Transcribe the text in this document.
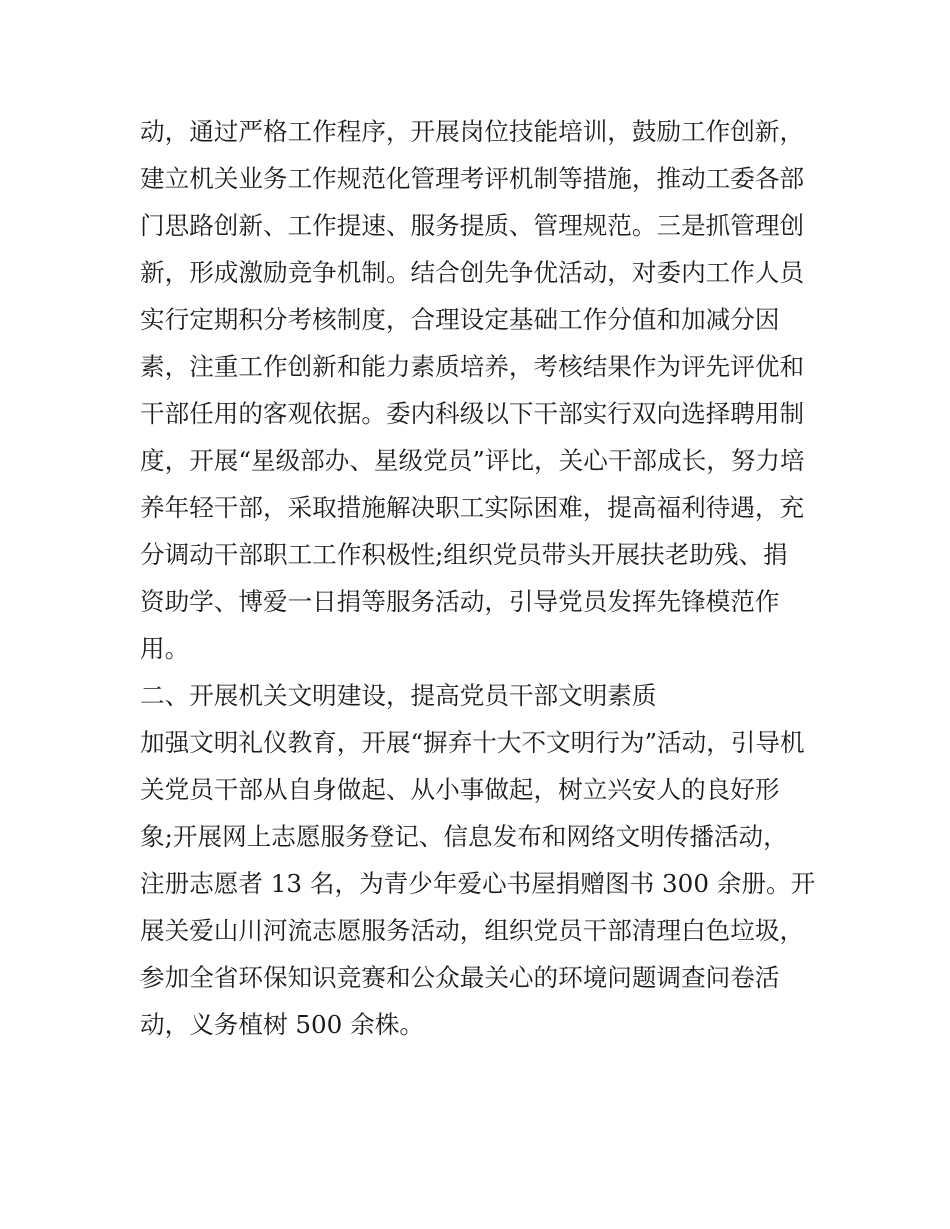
动，通过严格工作程序，开展岗位技能培训，鼓励工作创新，
建立机关业务工作规范化管理考评机制等措施，推动工委各部
门思路创新、工作提速、服务提质、管理规范。三是抓管理创
新，形成激励竞争机制。结合创先争优活动，对委内工作人员
实行定期积分考核制度，合理设定基础工作分值和加减分因
素，注重工作创新和能力素质培养，考核结果作为评先评优和
干部任用的客观依据。委内科级以下干部实行双向选择聘用制
度，开展“星级部办、星级党员”评比，关心干部成长，努力培
养年轻干部，采取措施解决职工实际困难，提高福利待遇，充
分调动干部职工工作积极性;组织党员带头开展扶老助残、捐
资助学、博爱一日捐等服务活动，引导党员发挥先锋模范作
用。
二、开展机关文明建设，提高党员干部文明素质
加强文明礼仪教育，开展“摒弃十大不文明行为”活动，引导机
关党员干部从自身做起、从小事做起，树立兴安人的良好形
象;开展网上志愿服务登记、信息发布和网络文明传播活动，
注册志愿者 13 名，为青少年爱心书屋捐赠图书 300 余册。开
展关爱山川河流志愿服务活动，组织党员干部清理白色垃圾，
参加全省环保知识竞赛和公众最关心的环境问题调查问卷活
动，义务植树 500 余株。
